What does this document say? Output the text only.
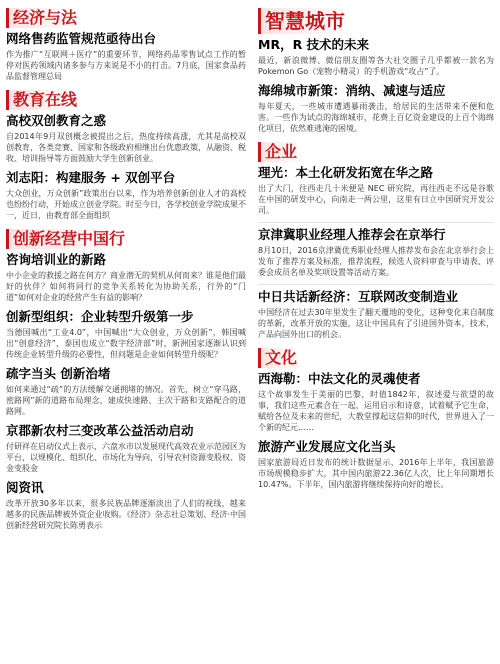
经济与法
网络售药监管规范亟待出台

作为推广“互联网＋医疗”的重要环节，网络药品零售试点工作的暂停对医药领域内诸多参与方来说是不小的打击。7月底，国家食品药品监督管理总局

教育在线
高校双创教育之惑

自2014年9月双创概念被提出之后，热度持续高涨，尤其是高校双创教育，各类竞赛、国家和各级政府相继出台优惠政策，从融资、税收、培训指导等方面鼓励大学生创新创业。

刘志阳：构建服务 + 双创平台

大众创业，万众创新”政策出台以来，作为培养创新创业人才的高校也纷纷行动，开始成立创业学院。时至今日，各学校创业学院成果不一，近日，由教育部全面组织

创新经营中国行
咨询培训业的新路

中小企业的救援之路在何方？商业潜无的契机从何而来？谁是他们最好的伙伴？如何将同行的竞争关系转化为协助关系，行外的“门道”如何对企业的经营产生有益的影响？

创新型组织：企业转型升级第一步

当德国喊出“工业4.0”，中国喊出“大众创业，万众创新”，韩国喊出“创意经济”，泰国也成立“数字经济部”时，新洲国家逐渐认识到传统企业转型升级的必要性，但问题是企业如何转型升级呢？

疏字当头 创新治堵

如何来通过“疏”的方法缓解交通拥堵的情况。首先，树立“穿马路，密路网”新的道路布局理念，建成快速路、主次干路和支路配合的道路网。

京郡新农村三变改革公益活动启动

付研祥在启动仪式上表示，六盘水市以发展现代高效农业示范园区为平台，以规模化、组织化、市场化为导向，引导农村资源变股权、资金变股金

阅资讯

改革开放30多年以来，很多民族品牌逐渐淡出了人们的视线，越来越多的民族品牌被外资企业收购。《经济》杂志社总策划、经济·中国创新经营研究院长陈勇表示

智慧城市
MR，R 技术的未来

最近，新浪微博、微信朋友圈等各大社交圈子几乎都被一款名为Pokemon Go（宠物小精灵）的手机游戏“攻占”了。

海绵城市新策：消纳、减速与适应

每年夏天，一些城市遭遇暴雨袭击，给居民的生活带来不便和危害。一些作为试点的海绵城市，花费上百亿资金建设的上百个海绵化项目，依然难逃淹的困境。

企业
理光：本土化研发拓宽在华之路

出了大门，往西走几十米便是 NEC 研究院，再往西走不远是谷歌在中国的研发中心，向南走一两公里，这里有日立中国研究开发公司。

京津冀职业经理人推荐会在京举行

8月10日，2016京津冀优秀职业经理人推荐发布会在北京举行会上发布了推荐方案及标准，推荐流程，候选人资料审查与申请表、评委会成员名单及奖项设置等活动方案。

中日共话新经济：互联网改变制造业

中国经济在过去30年里发生了翻天覆地的变化，这种变化来自制度的革新，改革开放的实施，这让中国具有了引进国外资本，技术，产品向国外出口的机会。

文化
西海勒：中法文化的灵魂使者

这个故事发生于美丽的巴黎，时值1842年，叙述爱与欲望的故事，我们这些元素合在一起，运用启示和诗意，试着赋予它生命，赋给各位及未来的世纪，大教堂撑起这信仰的时代，世界进入了一个新的纪元……

旅游产业发展应文化当头

国家旅游局近日发布的统计数据显示，2016年上半年，我国旅游市场规模稳步扩大，其中国内旅游22.36亿人次，比上年同期增长10.47%。下半年，国内旅游将继续保持向好的增长。
